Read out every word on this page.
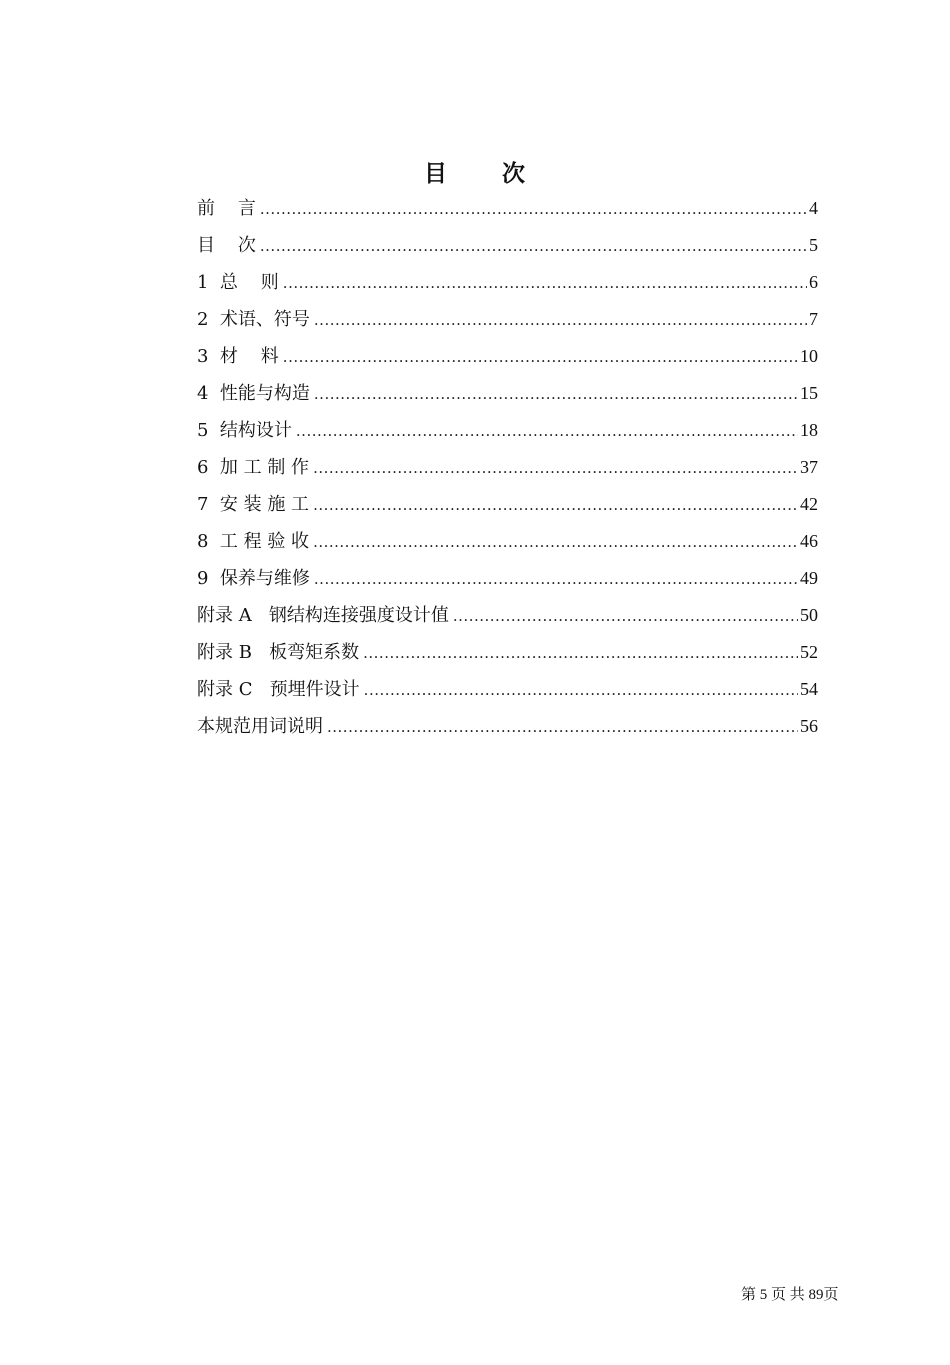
目      次
前    言 .....	4
目    次 .....	5
1  总    则 .....	6
2  术语、符号 .....	7
3  材    料 .....	10
4  性能与构造 .....	15
5  结构设计 .....	18
6  加 工 制 作 .....	37
7  安 装 施 工 .....	42
8  工 程 验 收 .....	46
9  保养与维修 .....	49
附录 A   钢结构连接强度设计值 .....	50
附录 B   板弯矩系数 .....	52
附录 C   预埋件设计 .....	54
本规范用词说明 .....	56
第 5 页 共 89页
